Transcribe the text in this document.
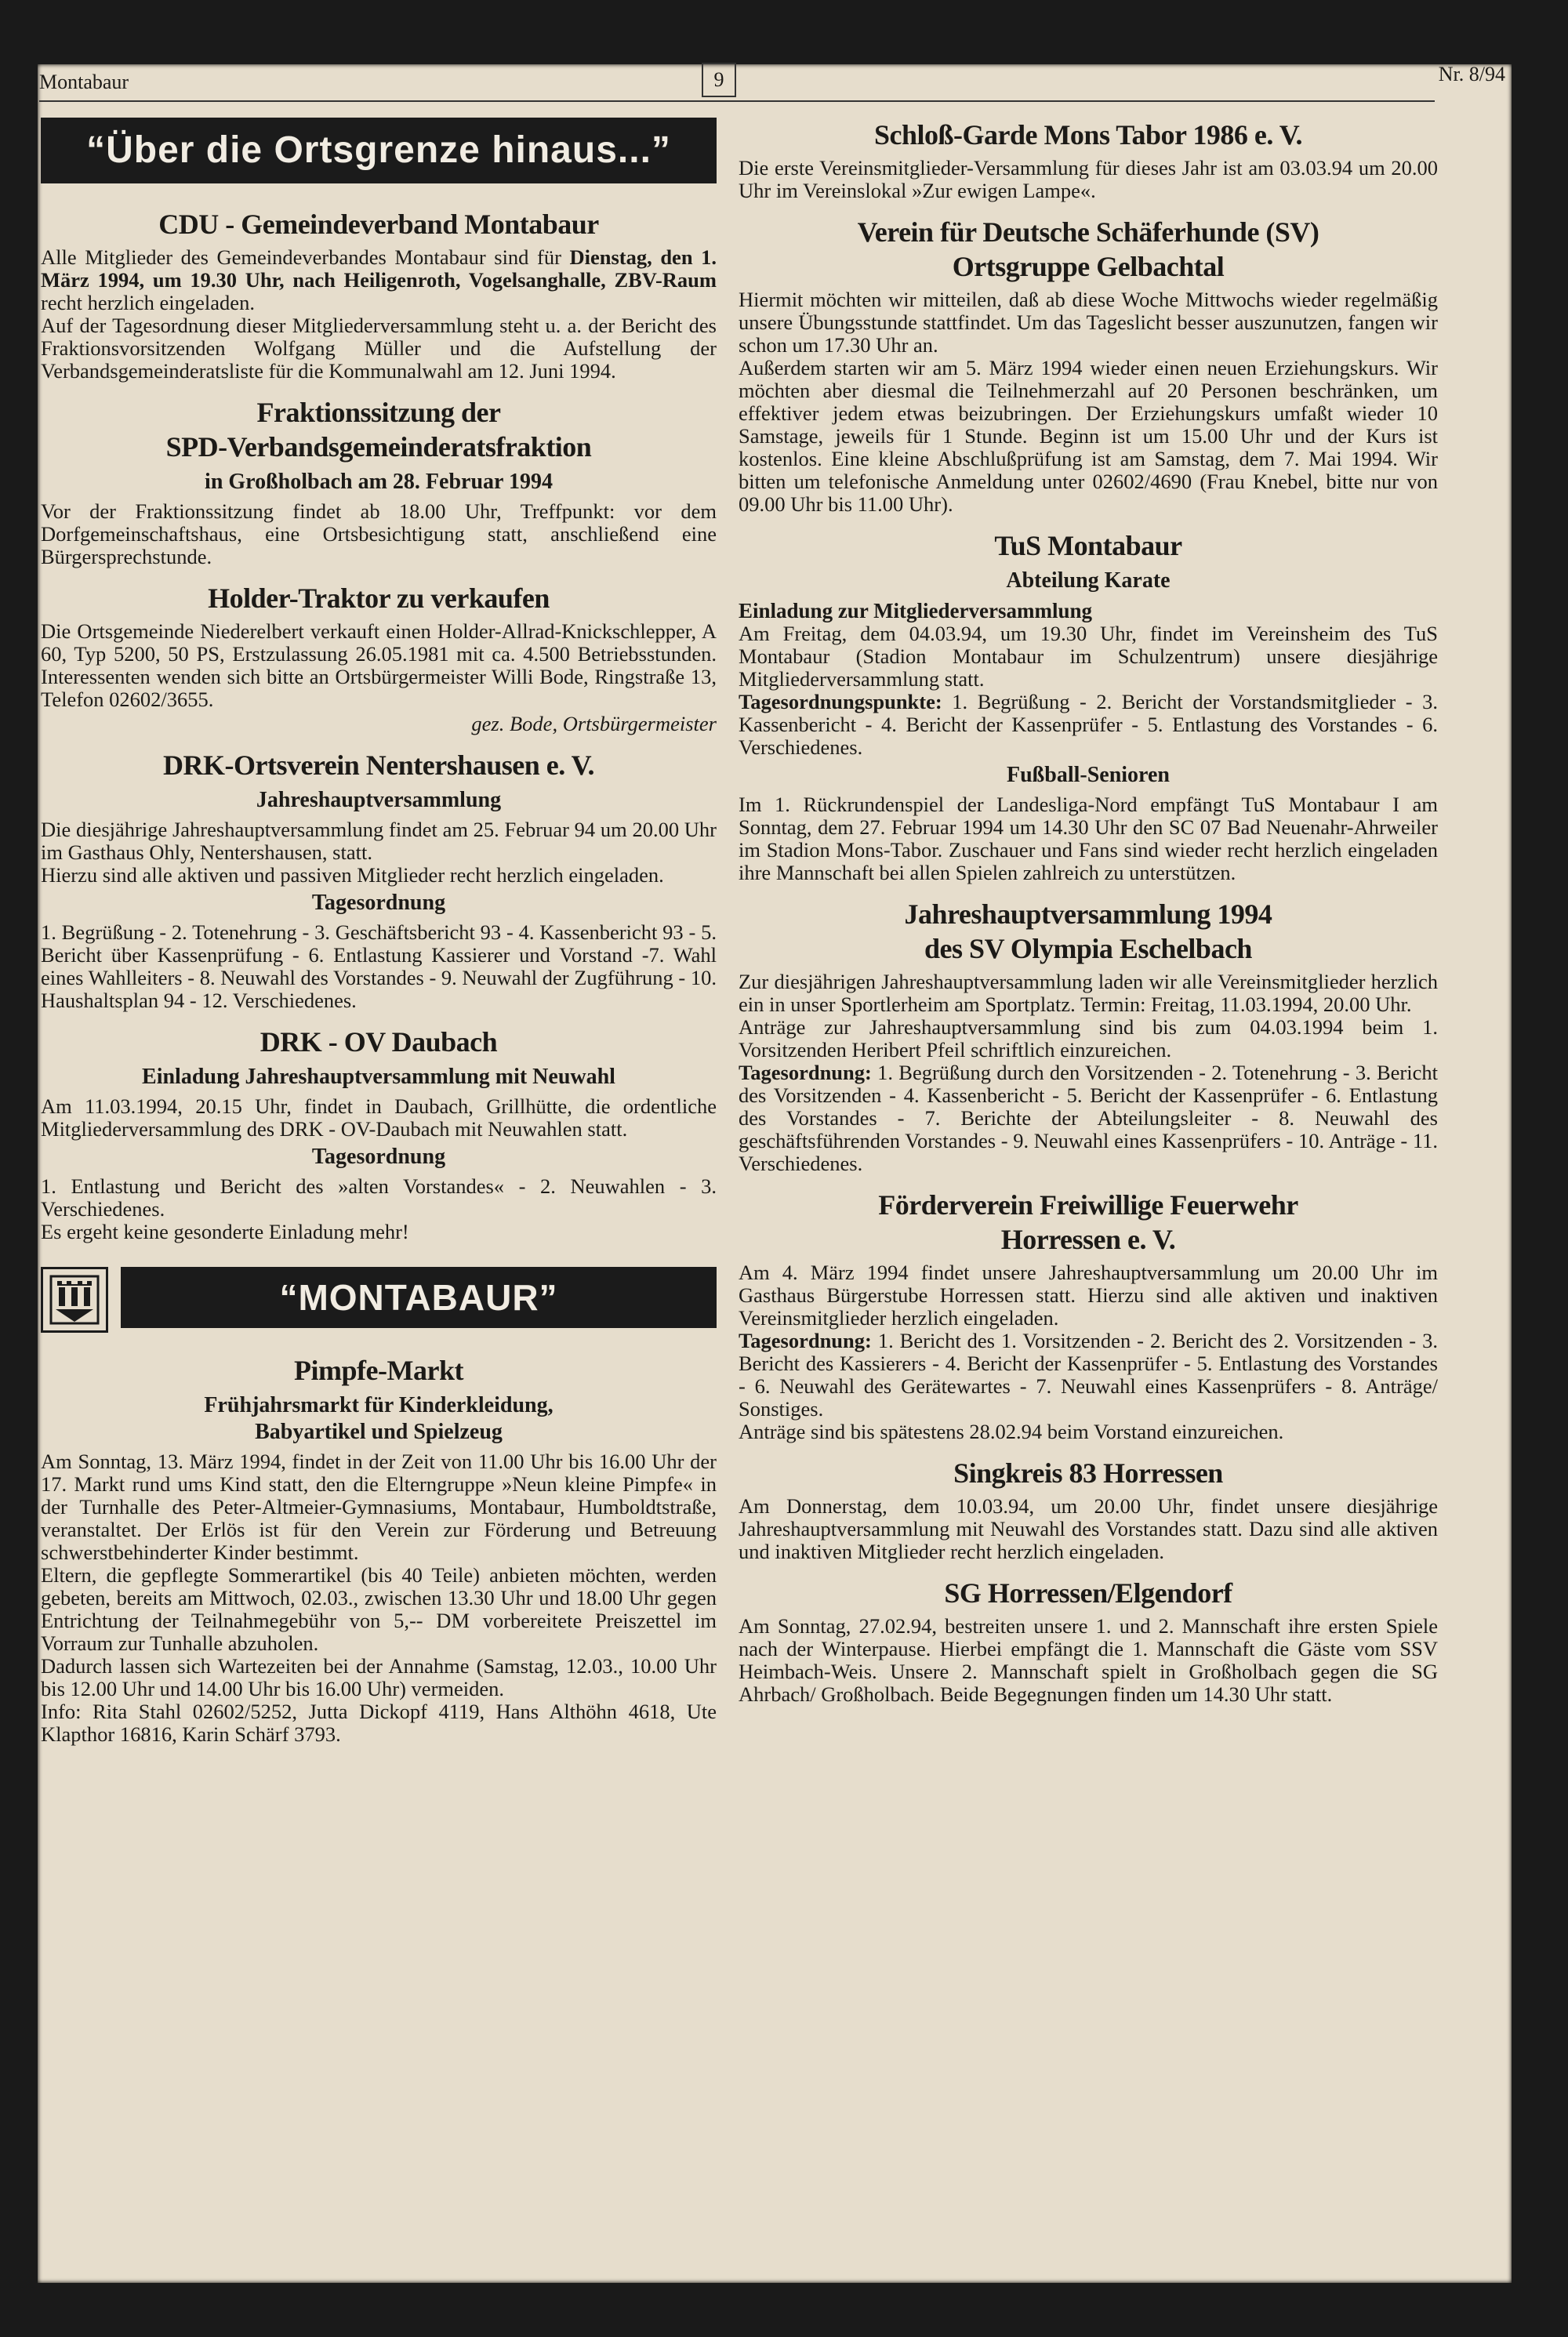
Montabaur	9	Nr. 8/94
“Über die Ortsgrenze hinaus...”
CDU - Gemeindeverband Montabaur

Alle Mitglieder des Gemeindeverbandes Montabaur sind für Dienstag, den 1. März 1994, um 19.30 Uhr, nach Heiligenroth, Vogelsanghalle, ZBV-Raum recht herzlich eingeladen.

Auf der Tagesordnung dieser Mitgliederversammlung steht u. a. der Bericht des Fraktionsvorsitzenden Wolfgang Müller und die Aufstellung der Verbandsgemeinderatsliste für die Kommunalwahl am 12. Juni 1994.

Fraktionssitzung der
SPD-Verbandsgemeinderatsfraktion
in Großholbach am 28. Februar 1994

Vor der Fraktionssitzung findet ab 18.00 Uhr, Treffpunkt: vor dem Dorfgemeinschaftshaus, eine Ortsbesichtigung statt, anschließend eine Bürgersprechstunde.

Holder-Traktor zu verkaufen

Die Ortsgemeinde Niederelbert verkauft einen Holder-Allrad-Knickschlepper, A 60, Typ 5200, 50 PS, Erstzulassung 26.05.1981 mit ca. 4.500 Betriebsstunden. Interessenten wenden sich bitte an Ortsbürgermeister Willi Bode, Ringstraße 13, Telefon 02602/3655.

gez. Bode, Ortsbürgermeister

DRK-Ortsverein Nentershausen e. V.
Jahreshauptversammlung

Die diesjährige Jahreshauptversammlung findet am 25. Februar 94 um 20.00 Uhr im Gasthaus Ohly, Nentershausen, statt.

Hierzu sind alle aktiven und passiven Mitglieder recht herzlich eingeladen.

Tagesordnung

1. Begrüßung - 2. Totenehrung - 3. Geschäftsbericht 93 - 4. Kassenbericht 93 - 5. Bericht über Kassenprüfung - 6. Entlastung Kassierer und Vorstand -7. Wahl eines Wahlleiters - 8. Neuwahl des Vorstandes - 9. Neuwahl der Zugführung - 10. Haushaltsplan 94 - 12. Verschiedenes.

DRK - OV Daubach
Einladung Jahreshauptversammlung mit Neuwahl

Am 11.03.1994, 20.15 Uhr, findet in Daubach, Grillhütte, die ordentliche Mitgliederversammlung des DRK - OV-Daubach mit Neuwahlen statt.

Tagesordnung

1. Entlastung und Bericht des »alten Vorstandes« - 2. Neuwahlen - 3. Verschiedenes.

Es ergeht keine gesonderte Einladung mehr!

“MONTABAUR”
Pimpfe-Markt
Frühjahrsmarkt für Kinderkleidung,
Babyartikel und Spielzeug

Am Sonntag, 13. März 1994, findet in der Zeit von 11.00 Uhr bis 16.00 Uhr der 17. Markt rund ums Kind statt, den die Elterngruppe »Neun kleine Pimpfe« in der Turnhalle des Peter-Altmeier-Gymnasiums, Montabaur, Humboldtstraße, veranstaltet. Der Erlös ist für den Verein zur Förderung und Betreuung schwerstbehinderter Kinder bestimmt.

Eltern, die gepflegte Sommerartikel (bis 40 Teile) anbieten möchten, werden gebeten, bereits am Mittwoch, 02.03., zwischen 13.30 Uhr und 18.00 Uhr gegen Entrichtung der Teilnahmegebühr von 5,-- DM vorbereitete Preiszettel im Vorraum zur Tunhalle abzuholen.

Dadurch lassen sich Wartezeiten bei der Annahme (Samstag, 12.03., 10.00 Uhr bis 12.00 Uhr und 14.00 Uhr bis 16.00 Uhr) vermeiden.

Info: Rita Stahl 02602/5252, Jutta Dickopf 4119, Hans Althöhn 4618, Ute Klapthor 16816, Karin Schärf 3793.

Schloß-Garde Mons Tabor 1986 e. V.

Die erste Vereinsmitglieder-Versammlung für dieses Jahr ist am 03.03.94 um 20.00 Uhr im Vereinslokal »Zur ewigen Lampe«.

Verein für Deutsche Schäferhunde (SV)
Ortsgruppe Gelbachtal

Hiermit möchten wir mitteilen, daß ab diese Woche Mittwochs wieder regelmäßig unsere Übungsstunde stattfindet. Um das Tageslicht besser auszunutzen, fangen wir schon um 17.30 Uhr an.

Außerdem starten wir am 5. März 1994 wieder einen neuen Erziehungskurs. Wir möchten aber diesmal die Teilnehmerzahl auf 20 Personen beschränken, um effektiver jedem etwas beizubringen. Der Erziehungskurs umfaßt wieder 10 Samstage, jeweils für 1 Stunde. Beginn ist um 15.00 Uhr und der Kurs ist kostenlos. Eine kleine Abschlußprüfung ist am Samstag, dem 7. Mai 1994. Wir bitten um telefonische Anmeldung unter 02602/4690 (Frau Knebel, bitte nur von 09.00 Uhr bis 11.00 Uhr).

TuS Montabaur
Abteilung Karate
Einladung zur Mitgliederversammlung

Am Freitag, dem 04.03.94, um 19.30 Uhr, findet im Vereinsheim des TuS Montabaur (Stadion Montabaur im Schulzentrum) unsere diesjährige Mitgliederversammlung statt.

Tagesordnungspunkte: 1. Begrüßung - 2. Bericht der Vorstandsmitglieder - 3. Kassenbericht - 4. Bericht der Kassenprüfer - 5. Entlastung des Vorstandes - 6. Verschiedenes.

Fußball-Senioren

Im 1. Rückrundenspiel der Landesliga-Nord empfängt TuS Montabaur I am Sonntag, dem 27. Februar 1994 um 14.30 Uhr den SC 07 Bad Neuenahr-Ahrweiler im Stadion Mons-Tabor. Zuschauer und Fans sind wieder recht herzlich eingeladen ihre Mannschaft bei allen Spielen zahlreich zu unterstützen.

Jahreshauptversammlung 1994
des SV Olympia Eschelbach

Zur diesjährigen Jahreshauptversammlung laden wir alle Vereinsmitglieder herzlich ein in unser Sportlerheim am Sportplatz. Termin: Freitag, 11.03.1994, 20.00 Uhr.

Anträge zur Jahreshauptversammlung sind bis zum 04.03.1994 beim 1. Vorsitzenden Heribert Pfeil schriftlich einzureichen.

Tagesordnung: 1. Begrüßung durch den Vorsitzenden - 2. Totenehrung - 3. Bericht des Vorsitzenden - 4. Kassenbericht - 5. Bericht der Kassenprüfer - 6. Entlastung des Vorstandes - 7. Berichte der Abteilungsleiter - 8. Neuwahl des geschäftsführenden Vorstandes - 9. Neuwahl eines Kassenprüfers - 10. Anträge - 11. Verschiedenes.

Förderverein Freiwillige Feuerwehr
Horressen e. V.

Am 4. März 1994 findet unsere Jahreshauptversammlung um 20.00 Uhr im Gasthaus Bürgerstube Horressen statt. Hierzu sind alle aktiven und inaktiven Vereinsmitglieder herzlich eingeladen.

Tagesordnung: 1. Bericht des 1. Vorsitzenden - 2. Bericht des 2. Vorsitzenden - 3. Bericht des Kassierers - 4. Bericht der Kassenprüfer - 5. Entlastung des Vorstandes - 6. Neuwahl des Gerätewartes - 7. Neuwahl eines Kassenprüfers - 8. Anträge/ Sonstiges.

Anträge sind bis spätestens 28.02.94 beim Vorstand einzureichen.

Singkreis 83 Horressen

Am Donnerstag, dem 10.03.94, um 20.00 Uhr, findet unsere diesjährige Jahreshauptversammlung mit Neuwahl des Vorstandes statt. Dazu sind alle aktiven und inaktiven Mitglieder recht herzlich eingeladen.

SG Horressen/Elgendorf

Am Sonntag, 27.02.94, bestreiten unsere 1. und 2. Mannschaft ihre ersten Spiele nach der Winterpause. Hierbei empfängt die 1. Mannschaft die Gäste vom SSV Heimbach-Weis. Unsere 2. Mannschaft spielt in Großholbach gegen die SG Ahrbach/ Großholbach. Beide Begegnungen finden um 14.30 Uhr statt.
